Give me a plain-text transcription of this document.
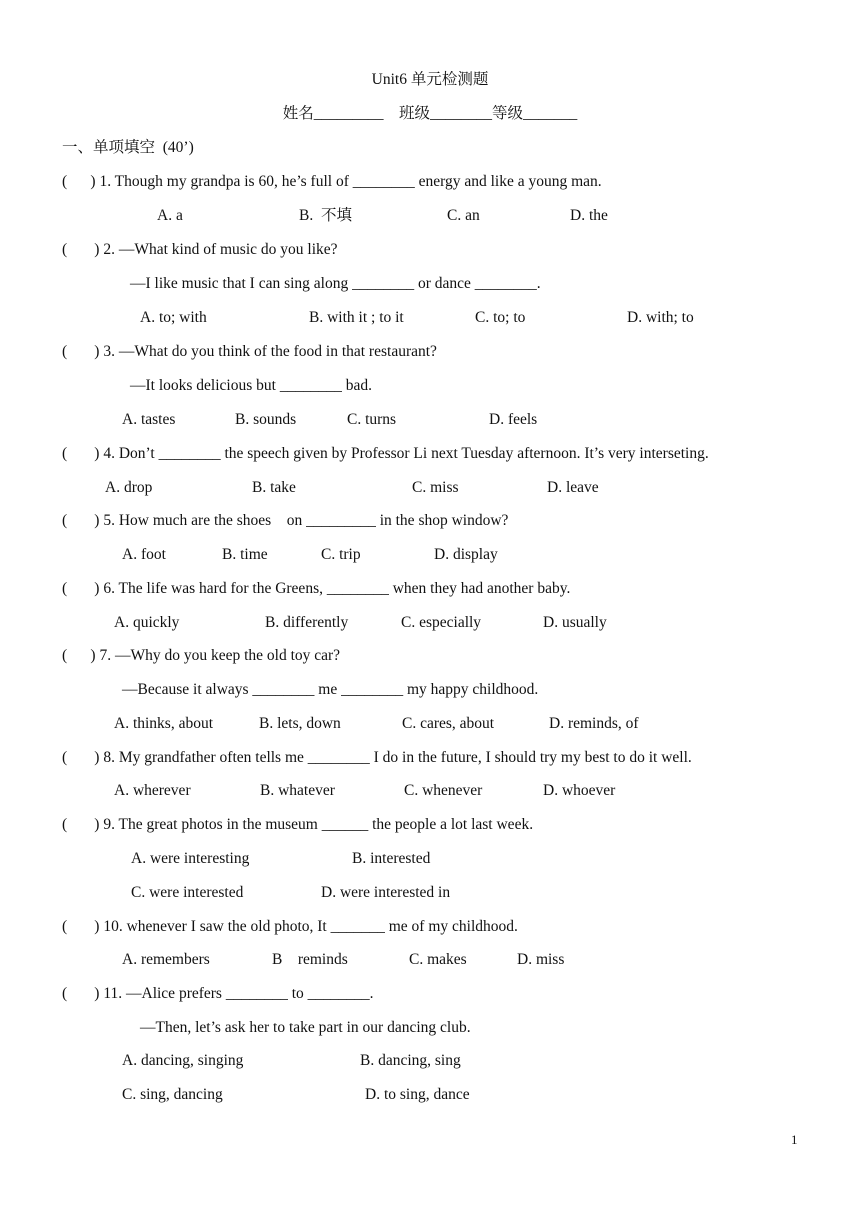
Unit6 单元检测题
姓名_________    班级________等级_______
一、单项填空  (40’)
(      ) 1. Though my grandpa is 60, he’s full of ________ energy and like a young man.
A. a	B.  不填	C. an	D. the
(       ) 2. —What kind of music do you like?
—I like music that I can sing along ________ or dance ________.
A. to; with	B. with it ; to it	C. to; to	D. with; to
(       ) 3. —What do you think of the food in that restaurant?
—It looks delicious but ________ bad.
A. tastes	B. sounds	C. turns	D. feels
(       ) 4. Don’t ________ the speech given by Professor Li next Tuesday afternoon. It’s very interseting.
A. drop	B. take	C. miss	D. leave
(       ) 5. How much are the shoes    on _________ in the shop window?
A. foot	B. time	C. trip	D. display
(       ) 6. The life was hard for the Greens, ________ when they had another baby.
A. quickly	B. differently	C. especially	D. usually
(      ) 7. —Why do you keep the old toy car?
—Because it always ________ me ________ my happy childhood.
A. thinks, about	B. lets, down	C. cares, about	D. reminds, of
(       ) 8. My grandfather often tells me ________ I do in the future, I should try my best to do it well.
A. wherever	B. whatever	C. whenever	D. whoever
(       ) 9. The great photos in the museum ______ the people a lot last week.
A. were interesting	B. interested
C. were interested	D. were interested in
(       ) 10. whenever I saw the old photo, It _______ me of my childhood.
A. remembers	B    reminds	C. makes	D. miss
(       ) 11. —Alice prefers ________ to ________.
—Then, let’s ask her to take part in our dancing club.
A. dancing, singing	B. dancing, sing
C. sing, dancing	D. to sing, dance
1
